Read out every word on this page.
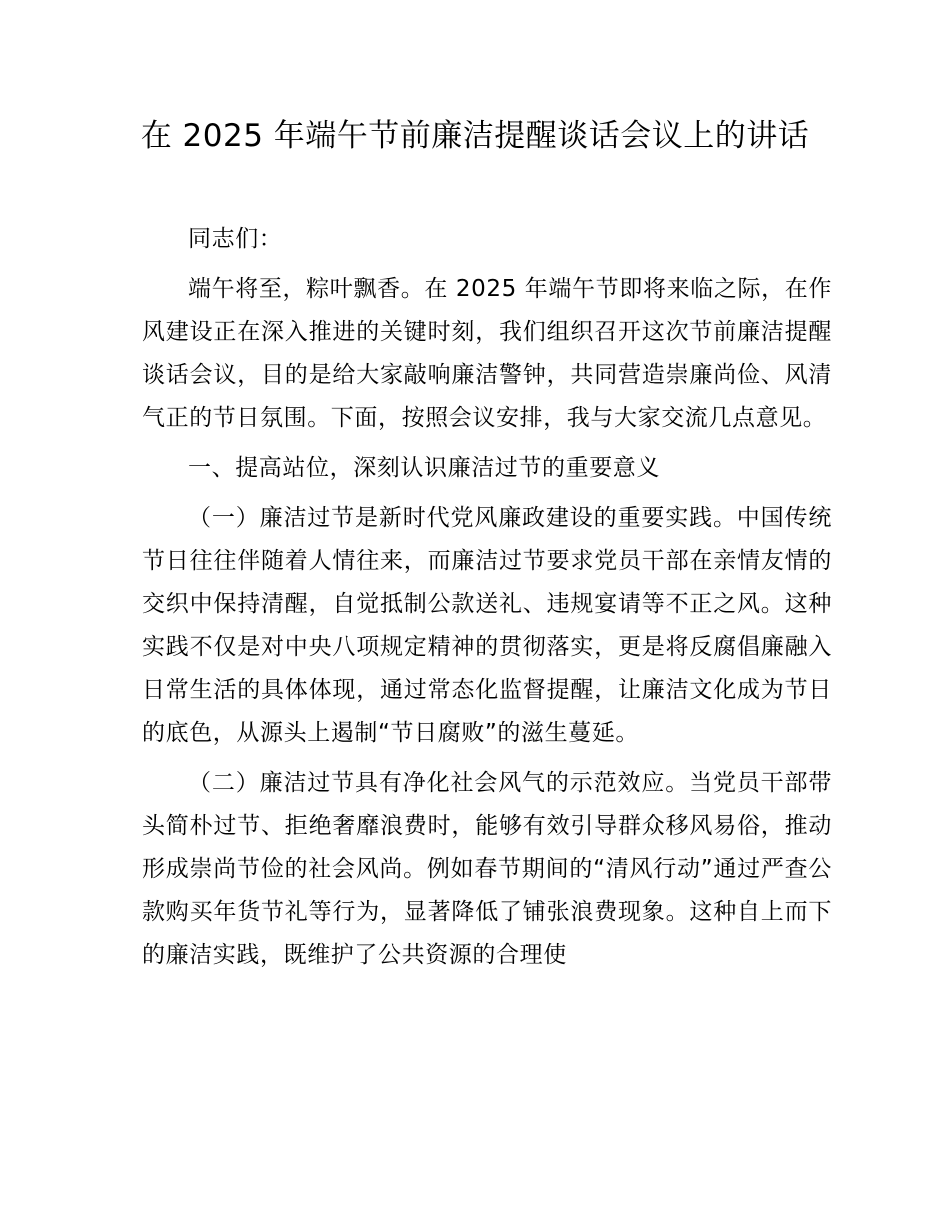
在 2025 年端午节前廉洁提醒谈话会议上的讲话

同志们：

端午将至，粽叶飘香。在 2025 年端午节即将来临之际，在作风建设正在深入推进的关键时刻，我们组织召开这次节前廉洁提醒谈话会议，目的是给大家敲响廉洁警钟，共同营造崇廉尚俭、风清气正的节日氛围。下面，按照会议安排，我与大家交流几点意见。

一、提高站位，深刻认识廉洁过节的重要意义

（一）廉洁过节是新时代党风廉政建设的重要实践。中国传统节日往往伴随着人情往来，而廉洁过节要求党员干部在亲情友情的交织中保持清醒，自觉抵制公款送礼、违规宴请等不正之风。这种实践不仅是对中央八项规定精神的贯彻落实，更是将反腐倡廉融入日常生活的具体体现，通过常态化监督提醒，让廉洁文化成为节日的底色，从源头上遏制“节日腐败”的滋生蔓延。

（二）廉洁过节具有净化社会风气的示范效应。当党员干部带头简朴过节、拒绝奢靡浪费时，能够有效引导群众移风易俗，推动形成崇尚节俭的社会风尚。例如春节期间的“清风行动”通过严查公款购买年货节礼等行为，显著降低了铺张浪费现象。这种自上而下的廉洁实践，既维护了公共资源的合理使
